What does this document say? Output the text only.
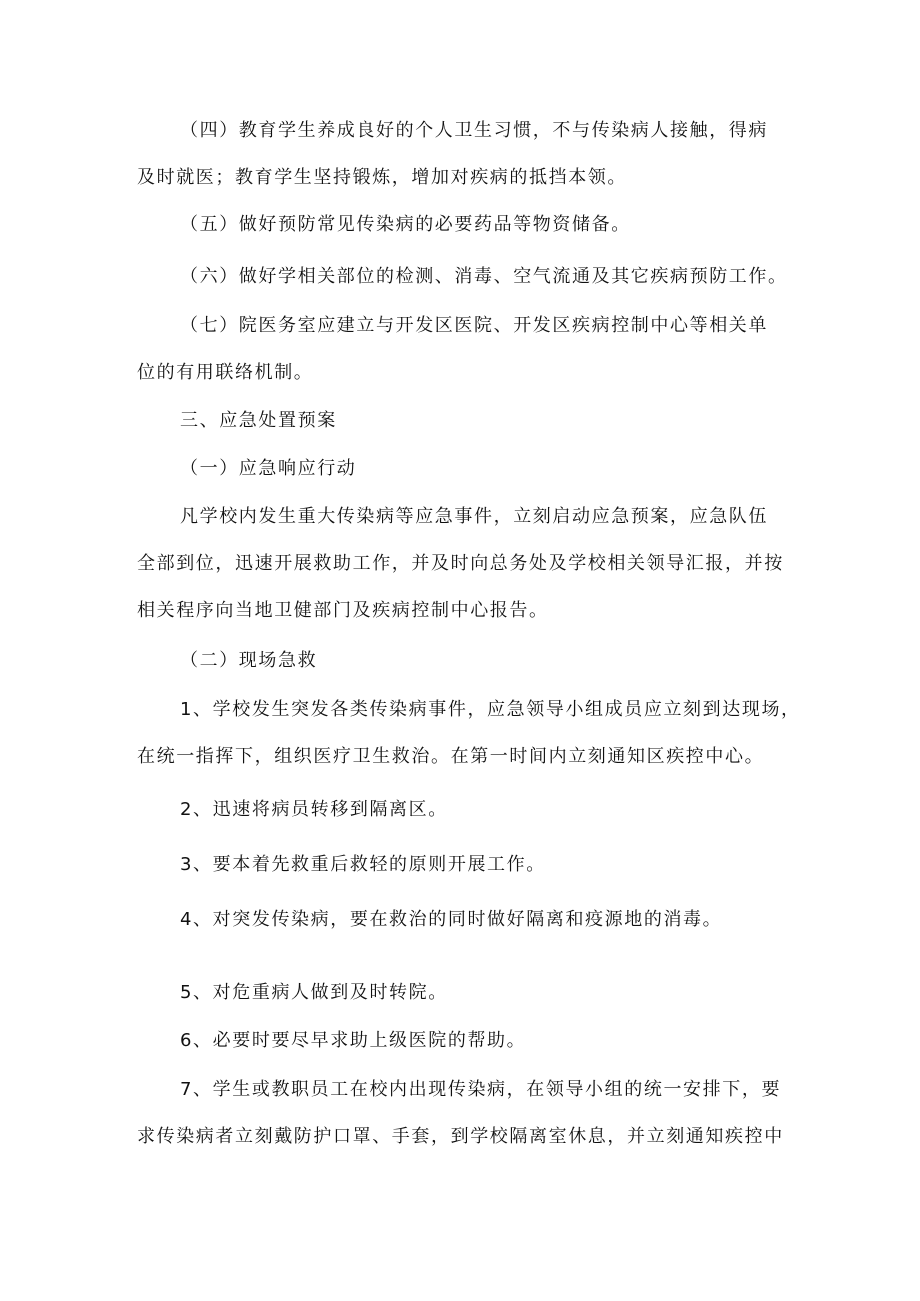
（四）教育学生养成良好的个人卫生习惯，不与传染病人接触，得病
及时就医；教育学生坚持锻炼，增加对疾病的抵挡本领。
（五）做好预防常见传染病的必要药品等物资储备。
（六）做好学相关部位的检测、消毒、空气流通及其它疾病预防工作。
（七）院医务室应建立与开发区医院、开发区疾病控制中心等相关单
位的有用联络机制。
三、应急处置预案
（一）应急响应行动
凡学校内发生重大传染病等应急事件，立刻启动应急预案，应急队伍
全部到位，迅速开展救助工作，并及时向总务处及学校相关领导汇报，并按
相关程序向当地卫健部门及疾病控制中心报告。
（二）现场急救
1、学校发生突发各类传染病事件，应急领导小组成员应立刻到达现场，
在统一指挥下，组织医疗卫生救治。在第一时间内立刻通知区疾控中心。
2、迅速将病员转移到隔离区。
3、要本着先救重后救轻的原则开展工作。
4、对突发传染病，要在救治的同时做好隔离和疫源地的消毒。
5、对危重病人做到及时转院。
6、必要时要尽早求助上级医院的帮助。
7、学生或教职员工在校内出现传染病，在领导小组的统一安排下，要
求传染病者立刻戴防护口罩、手套，到学校隔离室休息，并立刻通知疾控中
